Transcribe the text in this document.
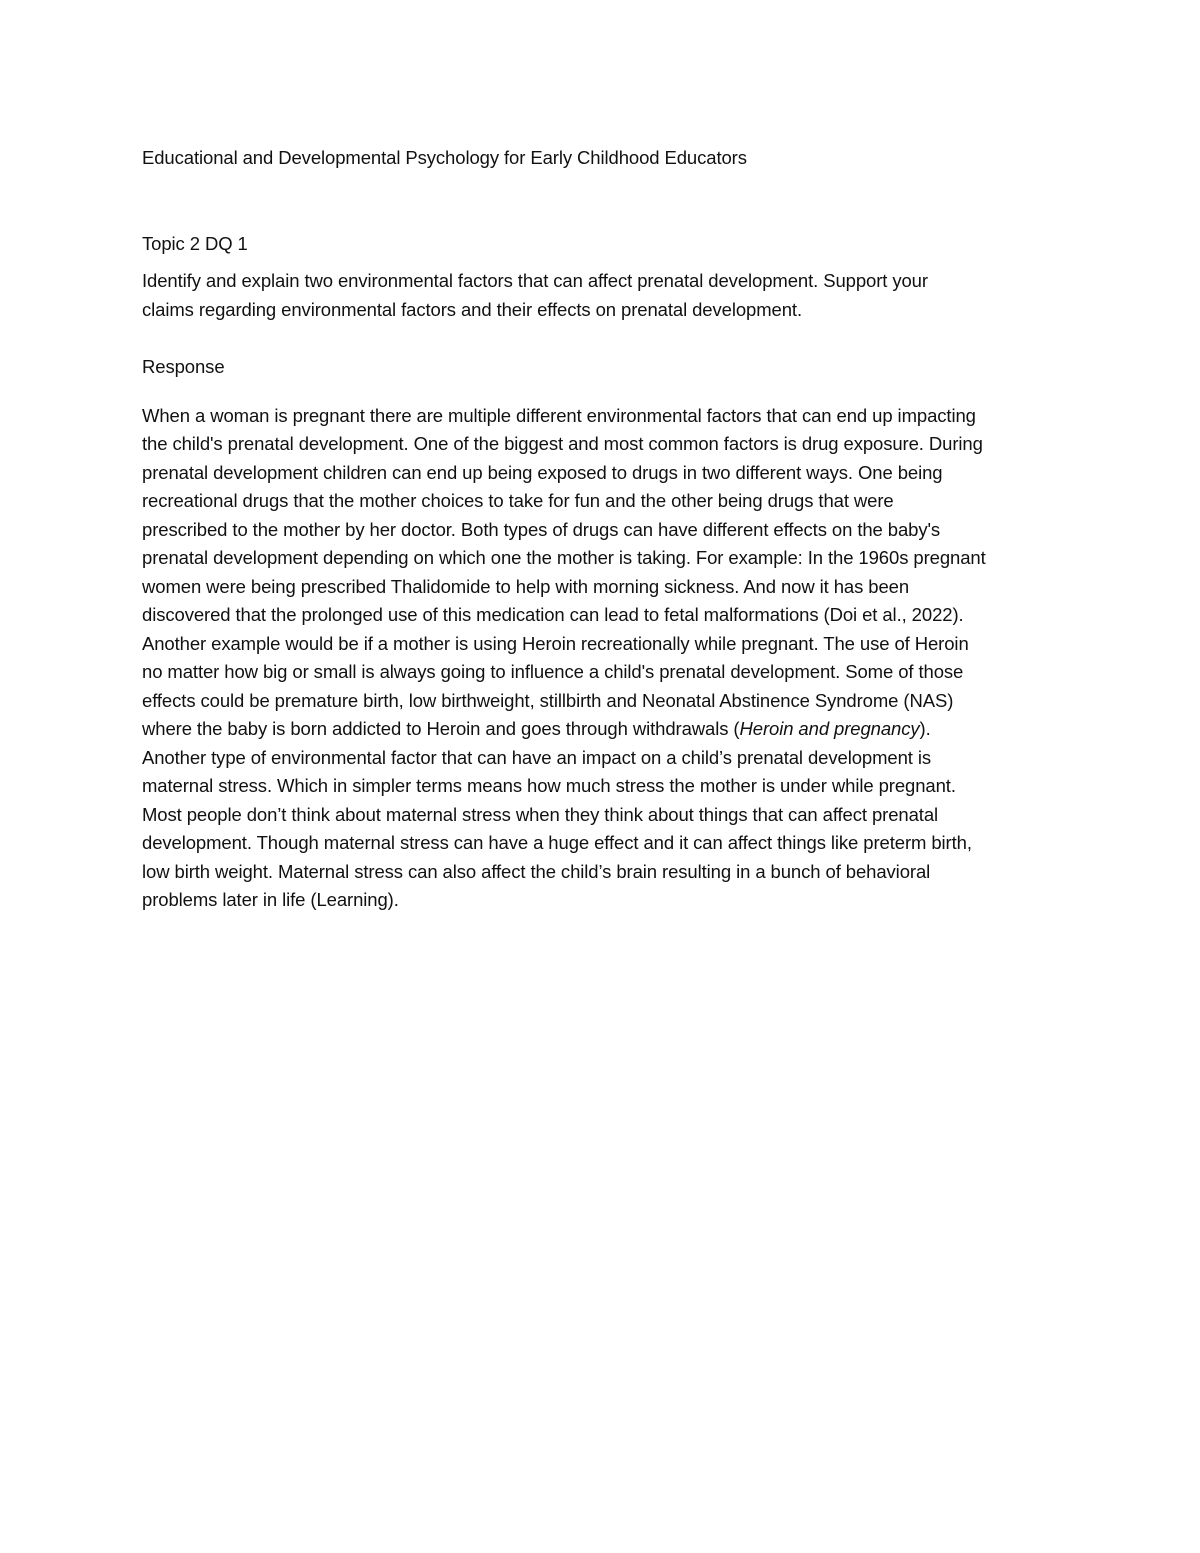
Educational and Developmental Psychology for Early Childhood Educators
Topic 2 DQ 1
Identify and explain two environmental factors that can affect prenatal development. Support your
claims regarding environmental factors and their effects on prenatal development.
Response
When a woman is pregnant there are multiple different environmental factors that can end up impacting
the child's prenatal development. One of the biggest and most common factors is drug exposure. During
prenatal development children can end up being exposed to drugs in two different ways. One being
recreational drugs that the mother choices to take for fun and the other being drugs that were
prescribed to the mother by her doctor. Both types of drugs can have different effects on the baby's
prenatal development depending on which one the mother is taking. For example: In the 1960s pregnant
women were being prescribed Thalidomide to help with morning sickness. And now it has been
discovered that the prolonged use of this medication can lead to fetal malformations (Doi et al., 2022).
Another example would be if a mother is using Heroin recreationally while pregnant. The use of Heroin
no matter how big or small is always going to influence a child's prenatal development. Some of those
effects could be premature birth, low birthweight, stillbirth and Neonatal Abstinence Syndrome (NAS)
where the baby is born addicted to Heroin and goes through withdrawals (Heroin and pregnancy).
Another type of environmental factor that can have an impact on a child’s prenatal development is
maternal stress. Which in simpler terms means how much stress the mother is under while pregnant.
Most people don’t think about maternal stress when they think about things that can affect prenatal
development. Though maternal stress can have a huge effect and it can affect things like preterm birth,
low birth weight. Maternal stress can also affect the child’s brain resulting in a bunch of behavioral
problems later in life (Learning).
